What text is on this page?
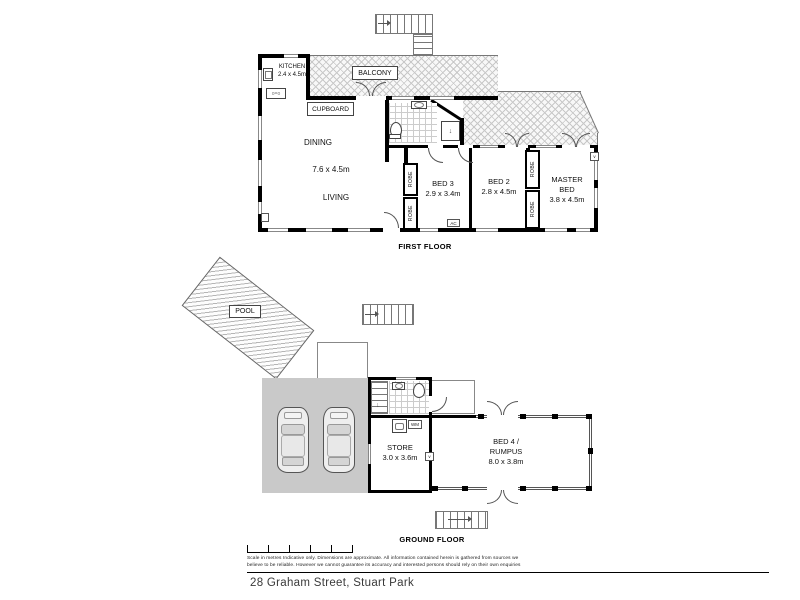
↓
o=o
ROBE
ROBE
ROBE
ROBE
KITCHEN
2.4 x 4.5m	BALCONY
CUPBOARD
DINING
7.6 x 4.5m
LIVING
BED 3
2.9 x 3.4m
BED 2
2.8 x 4.5m
MASTER
BED
3.8 x 4.5m
AC
v
FIRST FLOOR
POOL
↓
WM
STORE
3.0 x 3.6m	v
BED 4 /
RUMPUS
8.0 x 3.8m
GROUND FLOOR
Scale in metres Indicative only. Dimensions are approximate. All information contained herein is gathered from sources we
believe to be reliable. However we cannot guarantee its accuracy and interested persons should rely on their own enquiries
28 Graham Street, Stuart Park
